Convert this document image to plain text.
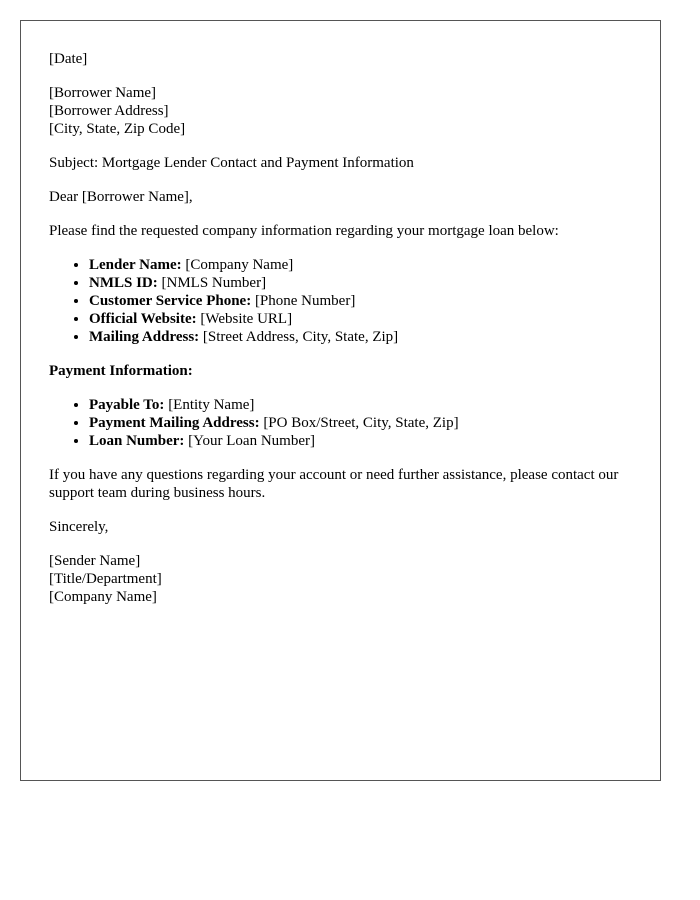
[Date]
[Borrower Name]
[Borrower Address]
[City, State, Zip Code]
Subject: Mortgage Lender Contact and Payment Information
Dear [Borrower Name],
Please find the requested company information regarding your mortgage loan below:
• Lender Name: [Company Name]
• NMLS ID: [NMLS Number]
• Customer Service Phone: [Phone Number]
• Official Website: [Website URL]
• Mailing Address: [Street Address, City, State, Zip]
Payment Information:
• Payable To: [Entity Name]
• Payment Mailing Address: [PO Box/Street, City, State, Zip]
• Loan Number: [Your Loan Number]
If you have any questions regarding your account or need further assistance, please contact our support team during business hours.
Sincerely,
[Sender Name]
[Title/Department]
[Company Name]
